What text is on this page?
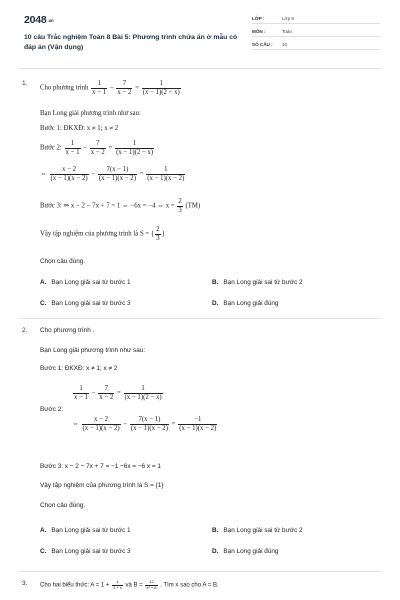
2048.vn
10 câu Trắc nghiệm Toán 8 Bài 5: Phương trình chứa ẩn ở mẫu có đáp án (Vận dụng)
LỚP :	Lớp 8
MÔN :	Toán
SỐ CÂU :	10
1.
Cho phương trình $\frac{1}{x - 1} - \frac{7}{x - 2} = \frac{1}{(x - 1)(2 - x)}$
Bạn Long giải phương trình như sau:
Bước 1: ĐKXĐ: x ≠ 1; x ≠ 2
Bước 2: $\frac{1}{x - 1} - \frac{7}{x - 2} = \frac{1}{(x - 1)(2 - x)}$
⇔ $\frac{x - 2}{(x - 1)(x - 2)} - \frac{7(x - 1)}{(x - 1)(x - 2)} = \frac{1}{(x - 1)(x - 2)}$
Bước 3: ⇒ x − 2 − 7x + 7 = 1 ⇔ −6x = −4 ⇔ $x = \frac{2}{3} (TM)$
Vậy tập nghiệm của phương trình là S = { $\frac{2}{3}$ }
Chọn câu đúng.
A. Bạn Long giải sai từ bước 1	B. Bạn Long giải sai từ bước 2
C. Bạn Long giải sai từ bước 3	D. Bạn Long giải đúng
2. Cho phương trình .
Bạn Long giải phương trình như sau:
Bước 1: ĐKXĐ: x ≠ 1; x ≠ 2
$\frac{1}{x - 1} - \frac{7}{x - 2} = \frac{1}{(x - 1)(2 - x)}$
Bước 2:
⇔ $\frac{x - 2}{(x - 1)(x - 2)} - \frac{7(x - 1)}{(x - 1)(x - 2)} = \frac{-1}{(x - 1)(x - 2)}$
Bước 3: x − 2 − 7x + 7 = −1 −6x = −6 x = 1
Vậy tập nghiệm của phương trình là S = {1}
Chọn câu đúng.
A. Bạn Long giải sai từ bước 1	B. Bạn Long giải sai từ bước 2
C. Bạn Long giải sai từ bước 3	D. Bạn Long giải đúng
3. Cho hai biểu thức: $A = 1 + \frac{1}{2 + x}$ và $B = \frac{12}{\text{x³ + 8}}$ . Tìm x sao cho A = B.
